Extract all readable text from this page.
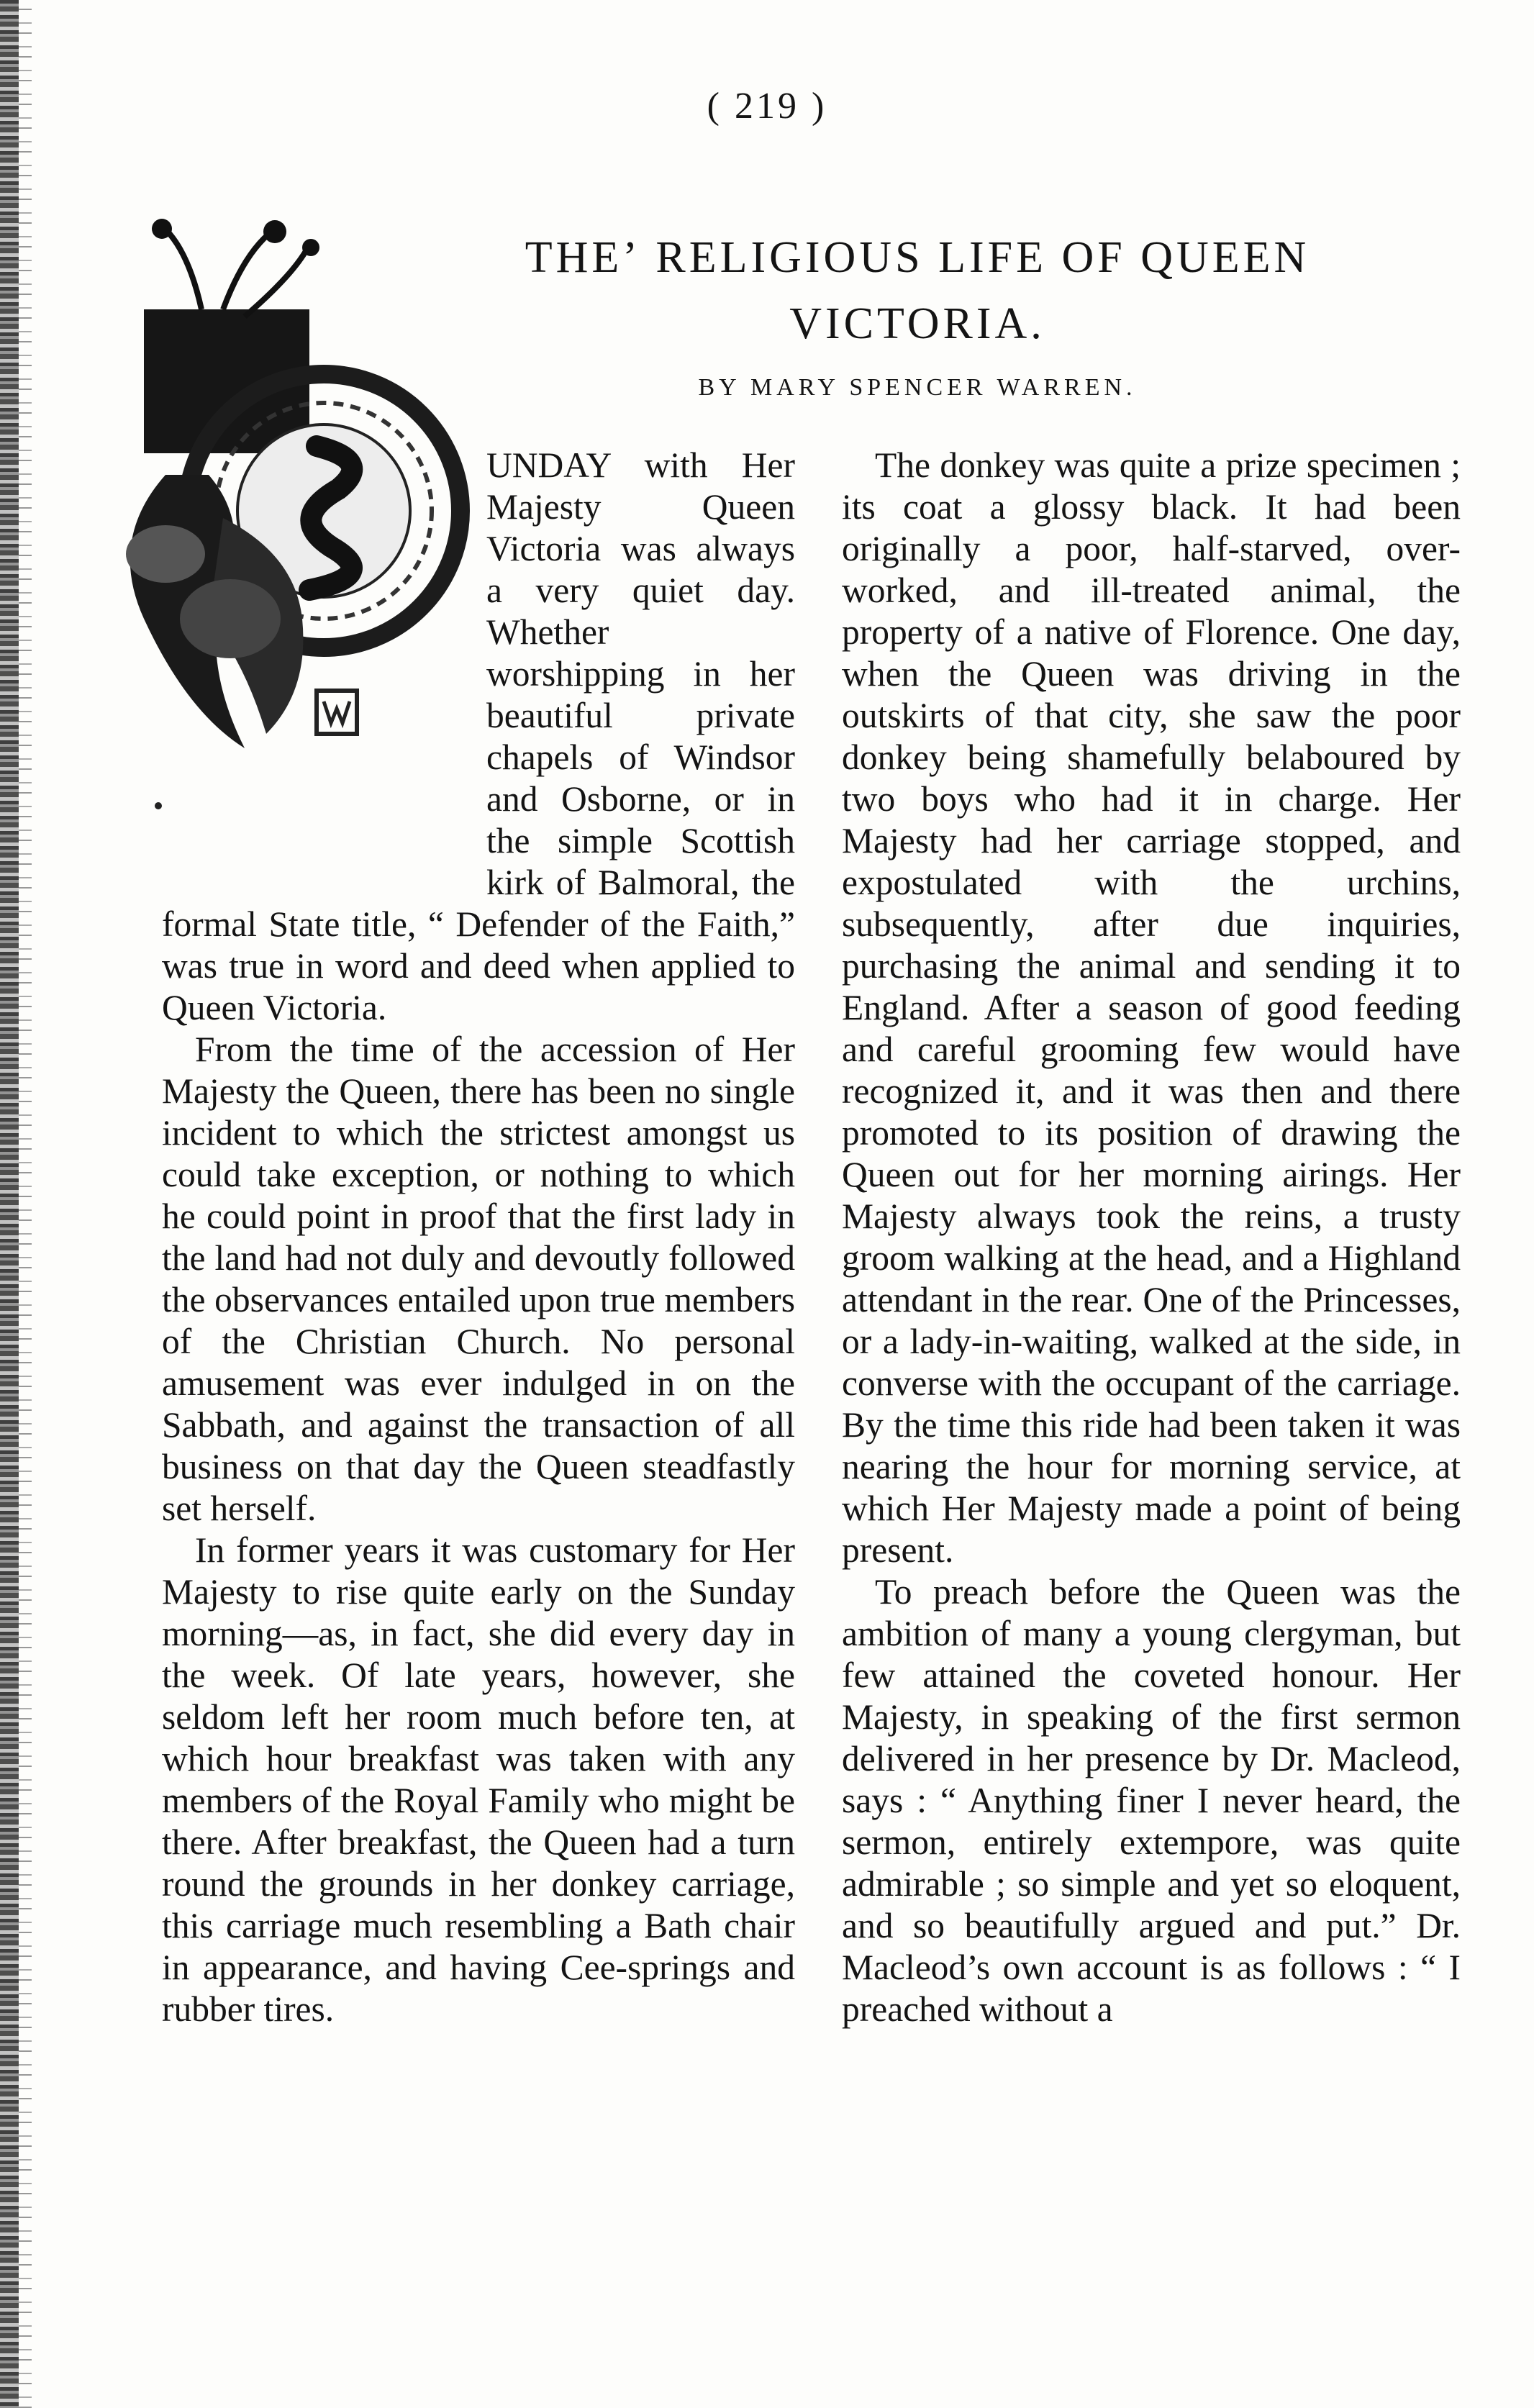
( 219 )
THEʼ RELIGIOUS LIFE OF QUEEN VICTORIA.
BY MARY SPENCER WARREN.

UNDAY with Her Majesty Queen Victoria was always a very quiet day. Whether worshipping in her beautiful private chapels of Windsor and Osborne, or in the simple Scottish kirk of Balmoral, the formal State title, “ Defender of the Faith,” was true in word and deed when applied to Queen Victoria.

From the time of the accession of Her Majesty the Queen, there has been no single incident to which the strictest amongst us could take exception, or nothing to which he could point in proof that the first lady in the land had not duly and devoutly followed the observances entailed upon true members of the Christian Church. No personal amusement was ever indulged in on the Sabbath, and against the transaction of all business on that day the Queen steadfastly set herself.

In former years it was customary for Her Majesty to rise quite early on the Sunday morning—as, in fact, she did every day in the week. Of late years, however, she seldom left her room much before ten, at which hour breakfast was taken with any members of the Royal Family who might be there. After breakfast, the Queen had a turn round the grounds in her donkey carriage, this carriage much resembling a Bath chair in appearance, and having Cee-springs and rubber tires.

The donkey was quite a prize specimen ; its coat a glossy black. It had been originally a poor, half-starved, over-worked, and ill-treated animal, the property of a native of Florence. One day, when the Queen was driving in the outskirts of that city, she saw the poor donkey being shamefully belaboured by two boys who had it in charge. Her Majesty had her carriage stopped, and expostulated with the urchins, subsequently, after due inquiries, purchasing the animal and sending it to England. After a season of good feeding and careful grooming few would have recognized it, and it was then and there promoted to its position of drawing the Queen out for her morning airings. Her Majesty always took the reins, a trusty groom walking at the head, and a Highland attendant in the rear. One of the Princesses, or a lady-in-waiting, walked at the side, in converse with the occupant of the carriage. By the time this ride had been taken it was nearing the hour for morning service, at which Her Majesty made a point of being present.

To preach before the Queen was the ambition of many a young clergyman, but few attained the coveted honour. Her Majesty, in speaking of the first sermon delivered in her presence by Dr. Macleod, says : “ Anything finer I never heard, the sermon, entirely extempore, was quite admirable ; so simple and yet so eloquent, and so beautifully argued and put.” Dr. Macleod’s own account is as follows : “ I preached without a
